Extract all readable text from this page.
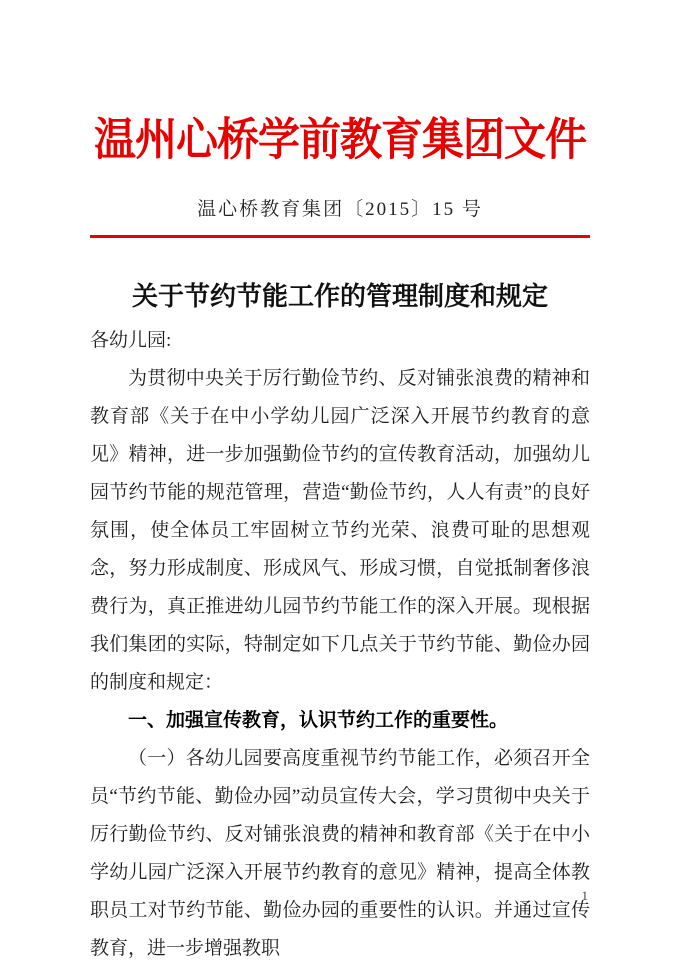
温州心桥学前教育集团文件
温心桥教育集团〔2015〕15 号
关于节约节能工作的管理制度和规定
各幼儿园:

为贯彻中央关于厉行勤俭节约、反对铺张浪费的精神和教育部《关于在中小学幼儿园广泛深入开展节约教育的意见》精神，进一步加强勤俭节约的宣传教育活动，加强幼儿园节约节能的规范管理，营造“勤俭节约，人人有责”的良好氛围，使全体员工牢固树立节约光荣、浪费可耻的思想观念，努力形成制度、形成风气、形成习惯，自觉抵制奢侈浪费行为，真正推进幼儿园节约节能工作的深入开展。现根据我们集团的实际，特制定如下几点关于节约节能、勤俭办园的制度和规定：

一、加强宣传教育，认识节约工作的重要性。

（一）各幼儿园要高度重视节约节能工作，必须召开全员“节约节能、勤俭办园”动员宣传大会，学习贯彻中央关于厉行勤俭节约、反对铺张浪费的精神和教育部《关于在中小学幼儿园广泛深入开展节约教育的意见》精神，提高全体教职员工对节约节能、勤俭办园的重要性的认识。并通过宣传教育，进一步增强教职

1
